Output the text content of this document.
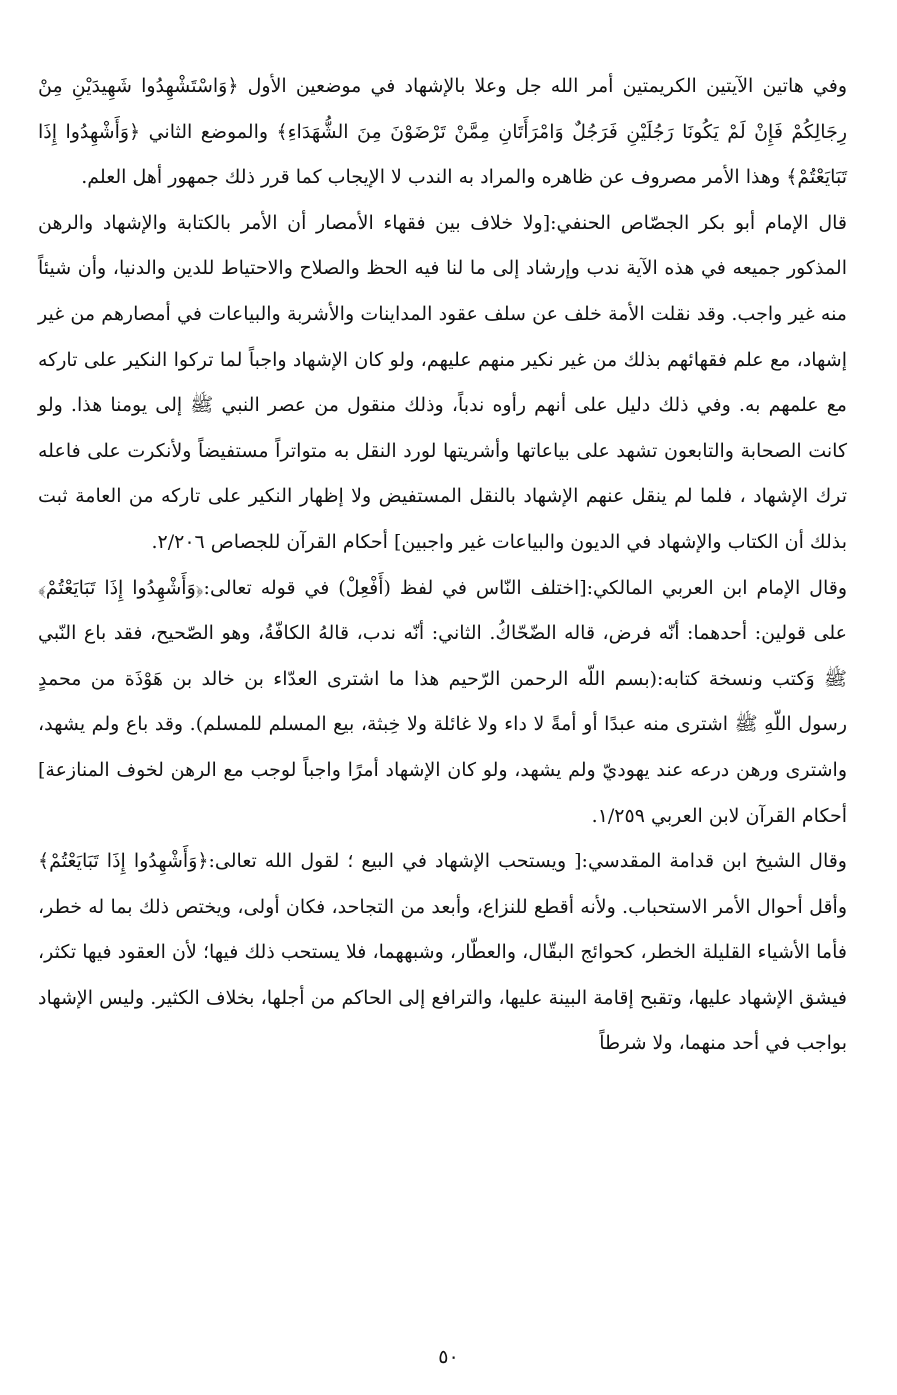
وفي هاتين الآيتين الكريمتين أمر الله جل وعلا بالإشهاد في موضعين الأول ﴿وَاسْتَشْهِدُوا شَهِيدَيْنِ مِنْ رِجَالِكُمْ فَإِنْ لَمْ يَكُونَا رَجُلَيْنِ فَرَجُلٌ وَامْرَأَتَانِ مِمَّنْ تَرْضَوْنَ مِنَ الشُّهَدَاءِ﴾ والموضع الثاني ﴿وَأَشْهِدُوا إِذَا تَبَايَعْتُمْ﴾ وهذا الأمر مصروف عن ظاهره والمراد به الندب لا الإيجاب كما قرر ذلك جمهور أهل العلم.

قال الإمام أبو بكر الجصّاص الحنفي:[ولا خلاف بين فقهاء الأمصار أن الأمر بالكتابة والإشهاد والرهن المذكور جميعه في هذه الآية ندب وإرشاد إلى ما لنا فيه الحظ والصلاح والاحتياط للدين والدنيا، وأن شيئاً منه غير واجب. وقد نقلت الأمة خلف عن سلف عقود المداينات والأشربة والبياعات في أمصارهم من غير إشهاد، مع علم فقهائهم بذلك من غير نكير منهم عليهم، ولو كان الإشهاد واجباً لما تركوا النكير على تاركه مع علمهم به. وفي ذلك دليل على أنهم رأوه ندباً، وذلك منقول من عصر النبي ﷺ إلى يومنا هذا. ولو كانت الصحابة والتابعون تشهد على بياعاتها وأشريتها لورد النقل به متواتراً مستفيضاً ولأنكرت على فاعله ترك الإشهاد ، فلما لم ينقل عنهم الإشهاد بالنقل المستفيض ولا إظهار النكير على تاركه من العامة ثبت بذلك أن الكتاب والإشهاد في الديون والبياعات غير واجبين] أحكام القرآن للجصاص ٢/٢٠٦.

وقال الإمام ابن العربي المالكي:[اختلف النّاس في لفظ (أَفْعِلْ) في قوله تعالى:﴿وَأَشْهِدُوا إِذَا تَبَايَعْتُمْ﴾ على قولين: أحدهما: أنّه فرض، قاله الضّحّاكُ. الثاني: أنّه ندب، قالهُ الكافّةُ، وهو الصّحيح، فقد باع النّبي ﷺ وَكتب ونسخة كتابه:(بسم اللّه الرحمن الرّحيم هذا ما اشترى العدّاء بن خالد بن هَوْذَة من محمدٍ رسول اللّهِ ﷺ اشترى منه عبدًا أو أمةً لا داء ولا غائلة ولا خِبثة، بيع المسلم للمسلم). وقد باع ولم يشهد، واشترى ورهن درعه عند يهوديّ ولم يشهد، ولو كان الإشهاد أمرًا واجباً لوجب مع الرهن لخوف المنازعة] أحكام القرآن لابن العربي ١/٢٥٩.

وقال الشيخ ابن قدامة المقدسي:[ ويستحب الإشهاد في البيع ؛ لقول الله تعالى:﴿وَأَشْهِدُوا إِذَا تَبَايَعْتُمْ﴾ وأقل أحوال الأمر الاستحباب. ولأنه أقطع للنزاع، وأبعد من التجاحد، فكان أولى، ويختص ذلك بما له خطر، فأما الأشياء القليلة الخطر، كحوائج البقّال، والعطّار، وشبههما، فلا يستحب ذلك فيها؛ لأن العقود فيها تكثر، فيشق الإشهاد عليها، وتقبح إقامة البينة عليها، والترافع إلى الحاكم من أجلها، بخلاف الكثير. وليس الإشهاد بواجب في أحد منهما، ولا شرطاً

٥٠
